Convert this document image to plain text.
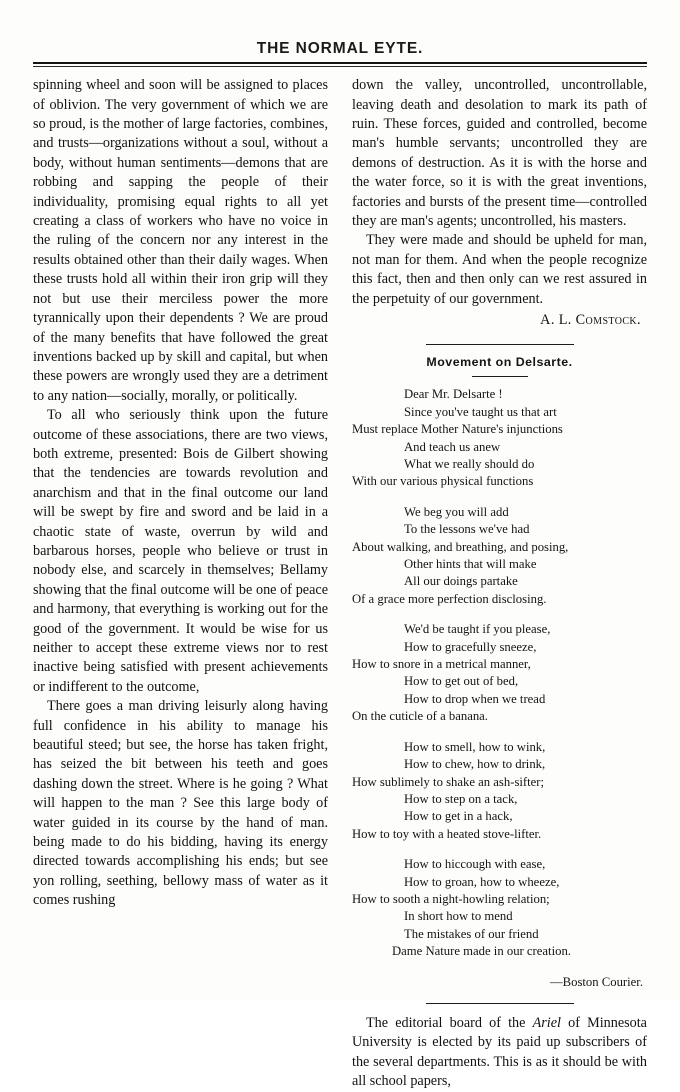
THE NORMAL EYTE.

spinning wheel and soon will be assigned to places of oblivion. The very government of which we are so proud, is the mother of large factories, combines, and trusts—organizations without a soul, without a body, without human sentiments—demons that are robbing and sapping the people of their individuality, promising equal rights to all yet creating a class of workers who have no voice in the ruling of the concern nor any interest in the results obtained other than their daily wages. When these trusts hold all within their iron grip will they not but use their merciless power the more tyrannically upon their dependents ? We are proud of the many benefits that have followed the great inventions backed up by skill and capital, but when these powers are wrongly used they are a detriment to any nation—socially, morally, or politically.

To all who seriously think upon the future outcome of these associations, there are two views, both extreme, presented: Bois de Gilbert showing that the tendencies are towards revolution and anarchism and that in the final outcome our land will be swept by fire and sword and be laid in a chaotic state of waste, overrun by wild and barbarous horses, people who believe or trust in nobody else, and scarcely in themselves; Bellamy showing that the final outcome will be one of peace and harmony, that everything is working out for the good of the government. It would be wise for us neither to accept these extreme views nor to rest inactive being satisfied with present achievements or indifferent to the outcome,

There goes a man driving leisurly along having full confidence in his ability to manage his beautiful steed; but see, the horse has taken fright, has seized the bit between his teeth and goes dashing down the street. Where is he going ? What will happen to the man ? See this large body of water guided in its course by the hand of man. being made to do his bidding, having its energy directed towards accomplishing his ends; but see yon rolling, seething, bellowy mass of water as it comes rushing

down the valley, uncontrolled, uncontrollable, leaving death and desolation to mark its path of ruin. These forces, guided and controlled, become man's humble servants; uncontrolled they are demons of destruction. As it is with the horse and the water force, so it is with the great inventions, factories and bursts of the present time—controlled they are man's agents; uncontrolled, his masters.

They were made and should be upheld for man, not man for them. And when the people recognize this fact, then and then only can we rest assured in the perpetuity of our government.

A. L. Comstock.
Movement on Delsarte.
Dear Mr. Delsarte !
Since you've taught us that art
Must replace Mother Nature's injunctions
And teach us anew
What we really should do
With our various physical functions
We beg you will add
To the lessons we've had
About walking, and breathing, and posing,
Other hints that will make
All our doings partake
Of a grace more perfection disclosing.
We'd be taught if you please,
How to gracefully sneeze,
How to snore in a metrical manner,
How to get out of bed,
How to drop when we tread
On the cuticle of a banana.
How to smell, how to wink,
How to chew, how to drink,
How sublimely to shake an ash-sifter;
How to step on a tack,
How to get in a hack,
How to toy with a heated stove-lifter.
How to hiccough with ease,
How to groan, how to wheeze,
How to sooth a night-howling relation;
In short how to mend
The mistakes of our friend
Dame Nature made in our creation.
—Boston Courier.

The editorial board of the Ariel of Minnesota University is elected by its paid up subscribers of the several departments. This is as it should be with all school papers,
